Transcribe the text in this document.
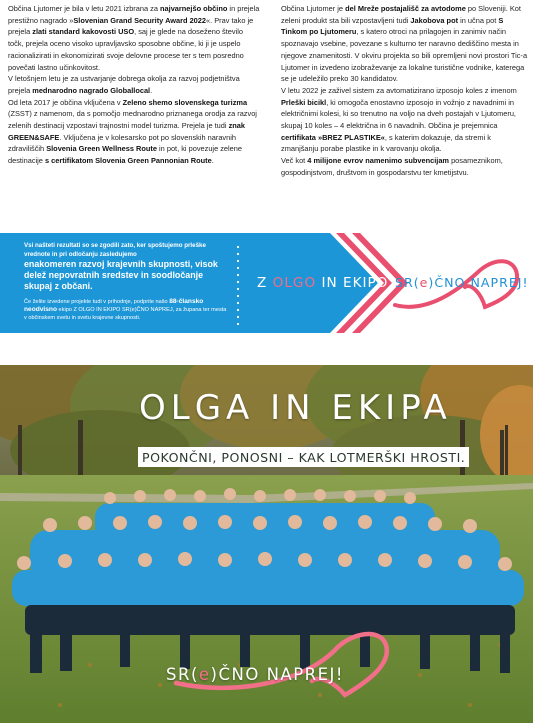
Občina Ljutomer je bila v letu 2021 izbrana za najvarnejšo občino in prejela prestižno nagrado »Slovenian Grand Security Award 2022«. Prav tako je prejela zlati standard kakovosti USO, saj je glede na doseženo število točk, prejela oceno visoko upravljavsko sposobne občine, ki ji je uspelo racionalizirati in ekonomizirati svoje delovne procese ter s tem posredno povečati lastno učinkovitost.

V letošnjem letu je za ustvarjanje dobrega okolja za razvoj podjetništva prejela mednarodno nagrado Globallocal.

Od leta 2017 je občina vključena v Zeleno shemo slovenskega turizma (ZSST) z namenom, da s pomočjo mednarodno priznanega orodja za razvoj zelenih destinacij vzpostavi trajnostni model turizma. Prejela je tudi znak GREEN&SAFE. Vključena je v kolesarsko pot po slovenskih naravnih zdraviliščih Slovenia Green Wellness Route in pot, ki povezuje zelene destinacije s certifikatom Slovenia Green Pannonian Route.

Občina Ljutomer je del Mreže postajališč za avtodome po Sloveniji. Kot zeleni produkt sta bili vzpostavljeni tudi Jakobova pot in učna pot S Tinkom po Ljutomeru, s katero otroci na prilagojen in zanimiv način spoznavajo vsebine, povezane s kulturno ter naravno dediščino mesta in njegove znamenitosti. V okviru projekta so bili opremljeni novi prostori Tic-a Ljutomer in izvedeno izobraževanje za lokalne turistične vodnike, katerega se je udeležilo preko 30 kandidatov.

V letu 2022 je zaživel sistem za avtomatizirano izposojo koles z imenom Prleški bicikl, ki omogoča enostavno izposojo in vožnjo z navadnimi in električnimi kolesi, ki so trenutno na voljo na dveh postajah v Ljutomeru, skupaj 10 koles – 4 električna in 6 navadnih. Občina je prejemnica certifikata »BREZ PLASTIKE«, s katerim dokazuje, da stremi k zmanjšanju porabe plastike in k varovanju okolja.

Več kot 4 milijone evrov namenimo subvencijam posameznikom, gospodinjstvom, društvom in gospodarstvu ter kmetijstvu.

Vsi našteti rezultati so se zgodili zato, ker spoštujemo prleške vrednote in pri odločanju zasledujemo
enakomeren razvoj krajevnih skupnosti, visok delež nepovratnih sredstev in soodločanje skupaj z občani.
Če želite izvedene projekte tudi v prihodnje, podprite našo 88-člansko neodvisno ekipo Z OLGO IN EKIPO SR(e)ČNO NAPREJ, za župana ter mesta v občinskem svetu in svetu krajevne skupnosti.
Z OLGO IN EKIPO SR(e)ČNO NAPREJ!
OLGA IN EKIPA
POKONČNI, PONOSNI – KAK LOTMERŠKI HROSTI.
SR(e)ČNO NAPREJ!
